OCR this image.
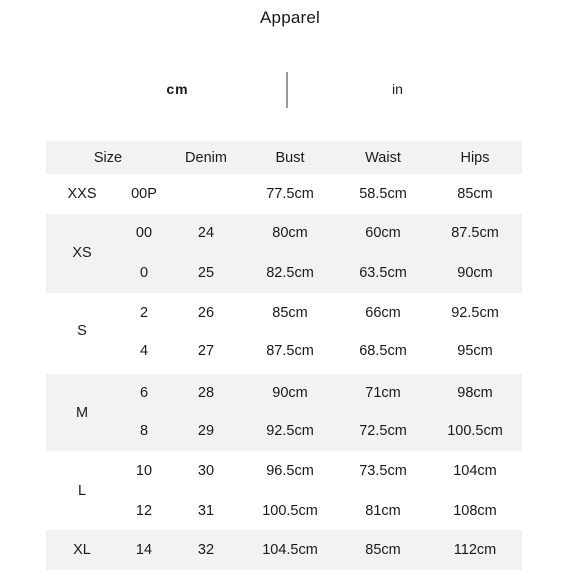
Apparel
cm	in
Size		Denim	Bust	Waist	Hips
XXS	00P		77.5cm	58.5cm	85cm
XS	00	24	80cm	60cm	87.5cm
	0	25	82.5cm	63.5cm	90cm
S	2	26	85cm	66cm	92.5cm
	4	27	87.5cm	68.5cm	95cm
M	6	28	90cm	71cm	98cm
	8	29	92.5cm	72.5cm	100.5cm
L	10	30	96.5cm	73.5cm	104cm
	12	31	100.5cm	81cm	108cm
XL	14	32	104.5cm	85cm	112cm
